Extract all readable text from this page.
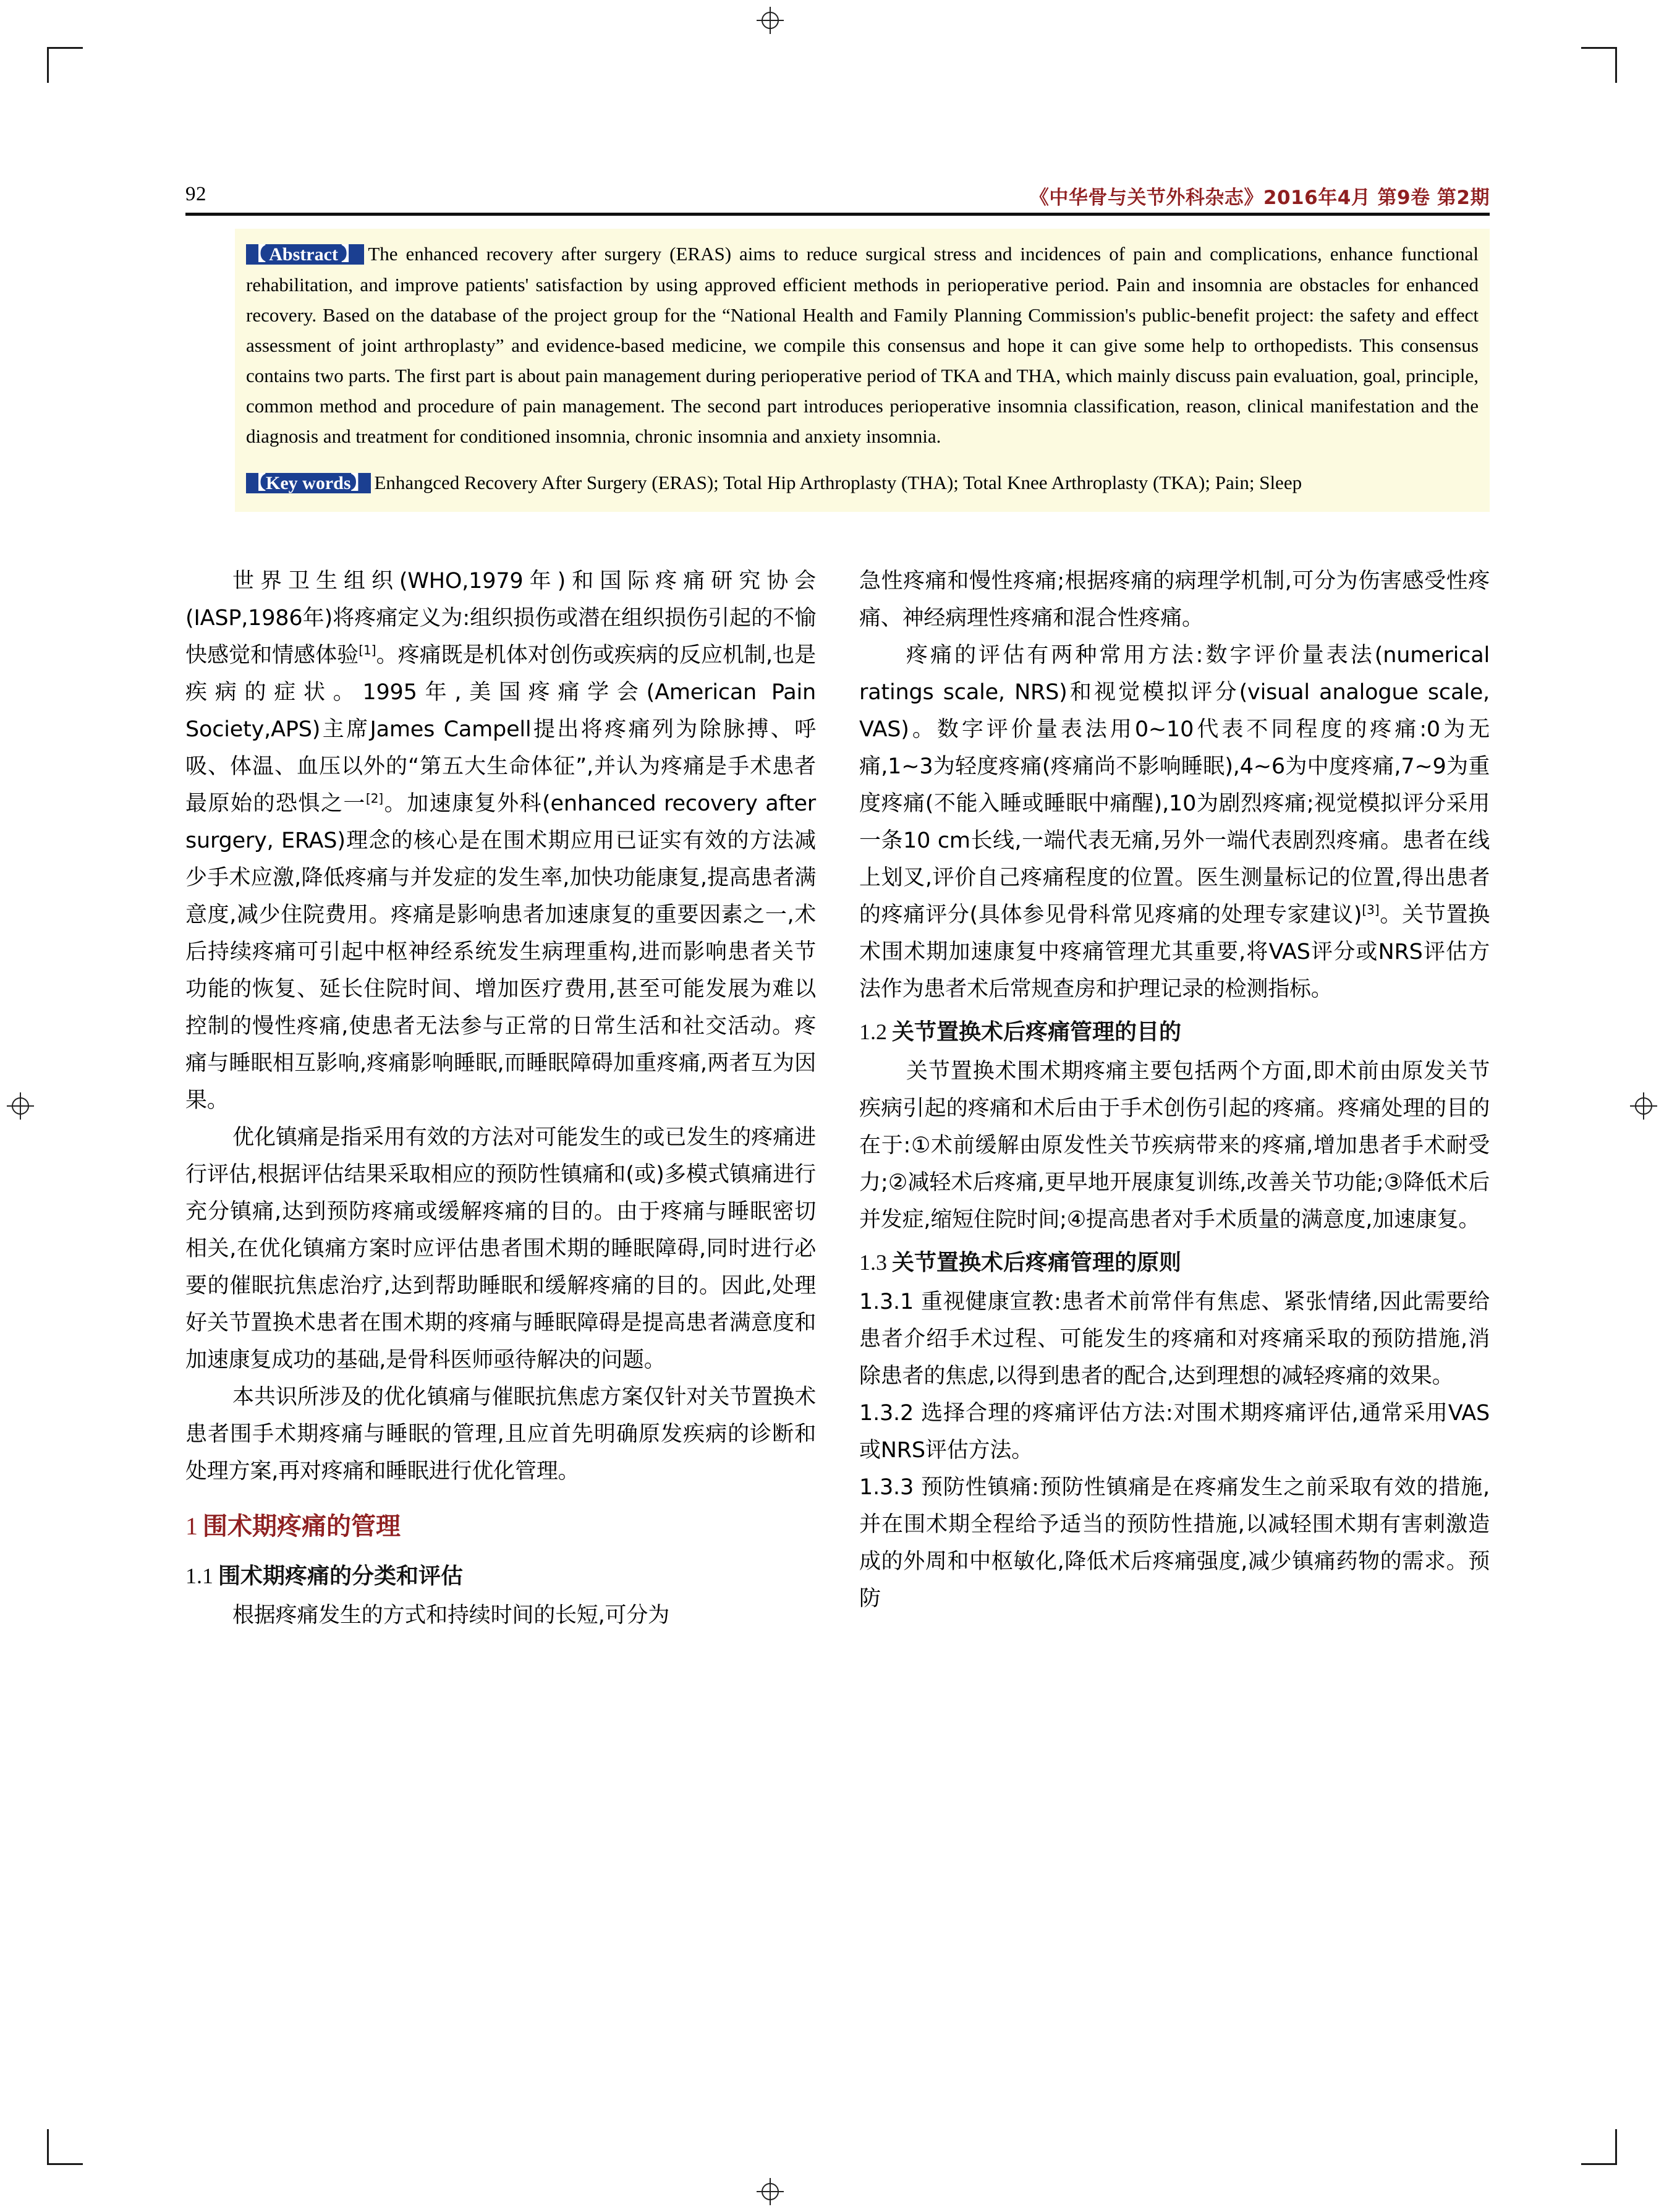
92	《中华骨与关节外科杂志》2016年4月 第9卷 第2期

【Abstract】 The enhanced recovery after surgery (ERAS) aims to reduce surgical stress and incidences of pain and complications, enhance functional rehabilitation, and improve patients' satisfaction by using approved efficient methods in perioperative period. Pain and insomnia are obstacles for enhanced recovery. Based on the database of the project group for the “National Health and Family Planning Commission's public-benefit project: the safety and effect assessment of joint arthroplasty” and evidence-based medicine, we compile this consensus and hope it can give some help to orthopedists. This consensus contains two parts. The first part is about pain management during perioperative period of TKA and THA, which mainly discuss pain evaluation, goal, principle, common method and procedure of pain management. The second part introduces perioperative insomnia classification, reason, clinical manifestation and the diagnosis and treatment for conditioned insomnia, chronic insomnia and anxiety insomnia.

【Key words】 Enhangced Recovery After Surgery (ERAS); Total Hip Arthroplasty (THA); Total Knee Arthroplasty (TKA); Pain; Sleep

世界卫生组织(WHO,1979年)和国际疼痛研究协会(IASP,1986年)将疼痛定义为:组织损伤或潜在组织损伤引起的不愉快感觉和情感体验[1]。疼痛既是机体对创伤或疾病的反应机制,也是疾病的症状。1995年,美国疼痛学会(American Pain Society,APS)主席James Campell提出将疼痛列为除脉搏、呼吸、体温、血压以外的“第五大生命体征”,并认为疼痛是手术患者最原始的恐惧之一[2]。加速康复外科(enhanced recovery after surgery, ERAS)理念的核心是在围术期应用已证实有效的方法减少手术应激,降低疼痛与并发症的发生率,加快功能康复,提高患者满意度,减少住院费用。疼痛是影响患者加速康复的重要因素之一,术后持续疼痛可引起中枢神经系统发生病理重构,进而影响患者关节功能的恢复、延长住院时间、增加医疗费用,甚至可能发展为难以控制的慢性疼痛,使患者无法参与正常的日常生活和社交活动。疼痛与睡眠相互影响,疼痛影响睡眠,而睡眠障碍加重疼痛,两者互为因果。

优化镇痛是指采用有效的方法对可能发生的或已发生的疼痛进行评估,根据评估结果采取相应的预防性镇痛和(或)多模式镇痛进行充分镇痛,达到预防疼痛或缓解疼痛的目的。由于疼痛与睡眠密切相关,在优化镇痛方案时应评估患者围术期的睡眠障碍,同时进行必要的催眠抗焦虑治疗,达到帮助睡眠和缓解疼痛的目的。因此,处理好关节置换术患者在围术期的疼痛与睡眠障碍是提高患者满意度和加速康复成功的基础,是骨科医师亟待解决的问题。

本共识所涉及的优化镇痛与催眠抗焦虑方案仅针对关节置换术患者围手术期疼痛与睡眠的管理,且应首先明确原发疾病的诊断和处理方案,再对疼痛和睡眠进行优化管理。

1 围术期疼痛的管理
1.1 围术期疼痛的分类和评估

根据疼痛发生的方式和持续时间的长短,可分为

急性疼痛和慢性疼痛;根据疼痛的病理学机制,可分为伤害感受性疼痛、神经病理性疼痛和混合性疼痛。

疼痛的评估有两种常用方法:数字评价量表法(numerical ratings scale, NRS)和视觉模拟评分(visual analogue scale, VAS)。数字评价量表法用0~10代表不同程度的疼痛:0为无痛,1~3为轻度疼痛(疼痛尚不影响睡眠),4~6为中度疼痛,7~9为重度疼痛(不能入睡或睡眠中痛醒),10为剧烈疼痛;视觉模拟评分采用一条10 cm长线,一端代表无痛,另外一端代表剧烈疼痛。患者在线上划叉,评价自己疼痛程度的位置。医生测量标记的位置,得出患者的疼痛评分(具体参见骨科常见疼痛的处理专家建议)[3]。关节置换术围术期加速康复中疼痛管理尤其重要,将VAS评分或NRS评估方法作为患者术后常规查房和护理记录的检测指标。

1.2 关节置换术后疼痛管理的目的

关节置换术围术期疼痛主要包括两个方面,即术前由原发关节疾病引起的疼痛和术后由于手术创伤引起的疼痛。疼痛处理的目的在于:①术前缓解由原发性关节疾病带来的疼痛,增加患者手术耐受力;②减轻术后疼痛,更早地开展康复训练,改善关节功能;③降低术后并发症,缩短住院时间;④提高患者对手术质量的满意度,加速康复。

1.3 关节置换术后疼痛管理的原则

1.3.1 重视健康宣教:患者术前常伴有焦虑、紧张情绪,因此需要给患者介绍手术过程、可能发生的疼痛和对疼痛采取的预防措施,消除患者的焦虑,以得到患者的配合,达到理想的减轻疼痛的效果。

1.3.2 选择合理的疼痛评估方法:对围术期疼痛评估,通常采用VAS或NRS评估方法。

1.3.3 预防性镇痛:预防性镇痛是在疼痛发生之前采取有效的措施,并在围术期全程给予适当的预防性措施,以减轻围术期有害刺激造成的外周和中枢敏化,降低术后疼痛强度,减少镇痛药物的需求。预防
